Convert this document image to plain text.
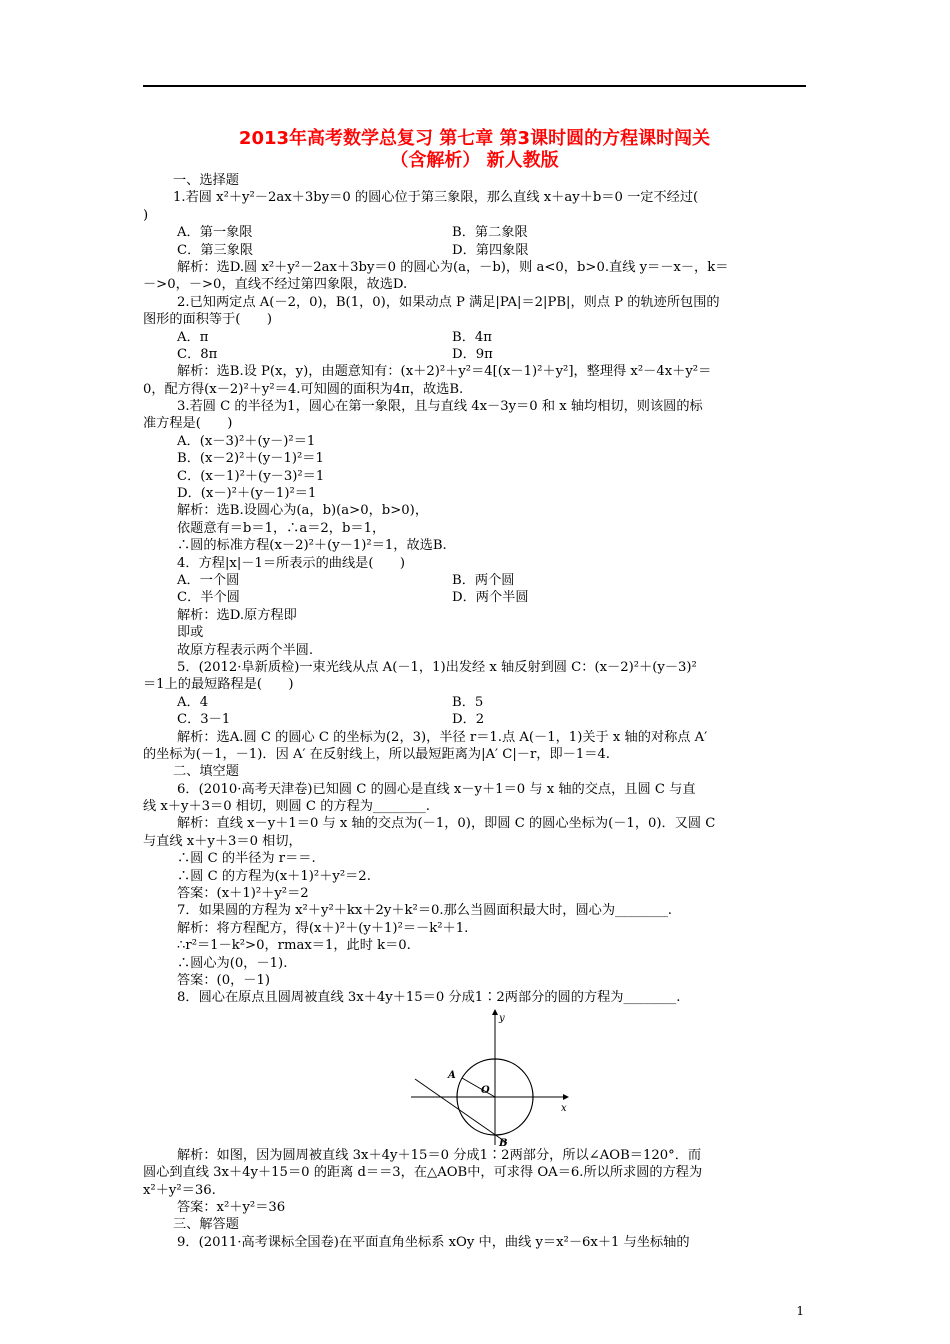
2013年高考数学总复习 第七章 第3课时圆的方程课时闯关
（含解析） 新人教版
一、选择题
1.若圆 x²＋y²－2ax＋3by＝0 的圆心位于第三象限，那么直线 x＋ay＋b＝0 一定不经过(
)
A．第一象限	B．第二象限
C．第三象限	D．第四象限
解析：选D.圆 x²＋y²－2ax＋3by＝0 的圆心为(a，－b)，则 a<0，b>0.直线 y＝－x－，k＝
－>0，－>0，直线不经过第四象限，故选D.
2.已知两定点 A(－2，0)，B(1，0)，如果动点 P 满足|PA|＝2|PB|，则点 P 的轨迹所包围的
图形的面积等于(　　)
A．π	B．4π
C．8π	D．9π
解析：选B.设 P(x，y)，由题意知有：(x＋2)²＋y²＝4[(x－1)²＋y²]，整理得 x²－4x＋y²＝
0，配方得(x－2)²＋y²＝4.可知圆的面积为4π，故选B.
3.若圆 C 的半径为1，圆心在第一象限，且与直线 4x－3y＝0 和 x 轴均相切，则该圆的标
准方程是(　　)
A．(x－3)²＋(y－)²＝1
B．(x－2)²＋(y－1)²＝1
C．(x－1)²＋(y－3)²＝1
D．(x－)²＋(y－1)²＝1
解析：选B.设圆心为(a，b)(a>0，b>0)，
依题意有＝b＝1，∴a＝2，b＝1，
∴圆的标准方程(x－2)²＋(y－1)²＝1，故选B.
4．方程|x|－1＝所表示的曲线是(　　)
A．一个圆	B．两个圆
C．半个圆	D．两个半圆
解析：选D.原方程即
即或
故原方程表示两个半圆.
5．(2012·阜新质检)一束光线从点 A(－1，1)出发经 x 轴反射到圆 C：(x－2)²＋(y－3)²
＝1上的最短路程是(　　)
A．4	B．5
C．3－1	D．2
解析：选A.圆 C 的圆心 C 的坐标为(2，3)，半径 r＝1.点 A(－1，1)关于 x 轴的对称点 A′
的坐标为(－1，－1)．因 A′ 在反射线上，所以最短距离为|A′ C|－r，即－1＝4.
二、填空题
6．(2010·高考天津卷)已知圆 C 的圆心是直线 x－y＋1＝0 与 x 轴的交点，且圆 C 与直
线 x＋y＋3＝0 相切，则圆 C 的方程为________.
解析：直线 x－y＋1＝0 与 x 轴的交点为(－1，0)，即圆 C 的圆心坐标为(－1，0)．又圆 C
与直线 x＋y＋3＝0 相切，
∴圆 C 的半径为 r＝＝.
∴圆 C 的方程为(x＋1)²＋y²＝2.
答案：(x＋1)²＋y²＝2
7．如果圆的方程为 x²＋y²＋kx＋2y＋k²＝0.那么当圆面积最大时，圆心为________.
解析：将方程配方，得(x＋)²＋(y＋1)²＝－k²＋1.
∴r²＝1－k²>0，rmax＝1，此时 k＝0.
∴圆心为(0，－1).
答案：(0，－1)
8．圆心在原点且圆周被直线 3x＋4y＋15＝0 分成1∶2两部分的圆的方程为________.
y
x
O
A
B
解析：如图，因为圆周被直线 3x＋4y＋15＝0 分成1∶2两部分，所以∠AOB＝120°．而
圆心到直线 3x＋4y＋15＝0 的距离 d＝＝3，在△AOB中，可求得 OA＝6.所以所求圆的方程为
x²＋y²＝36.
答案：x²＋y²＝36
三、解答题
9．(2011·高考课标全国卷)在平面直角坐标系 xOy 中，曲线 y＝x²－6x＋1 与坐标轴的
1
